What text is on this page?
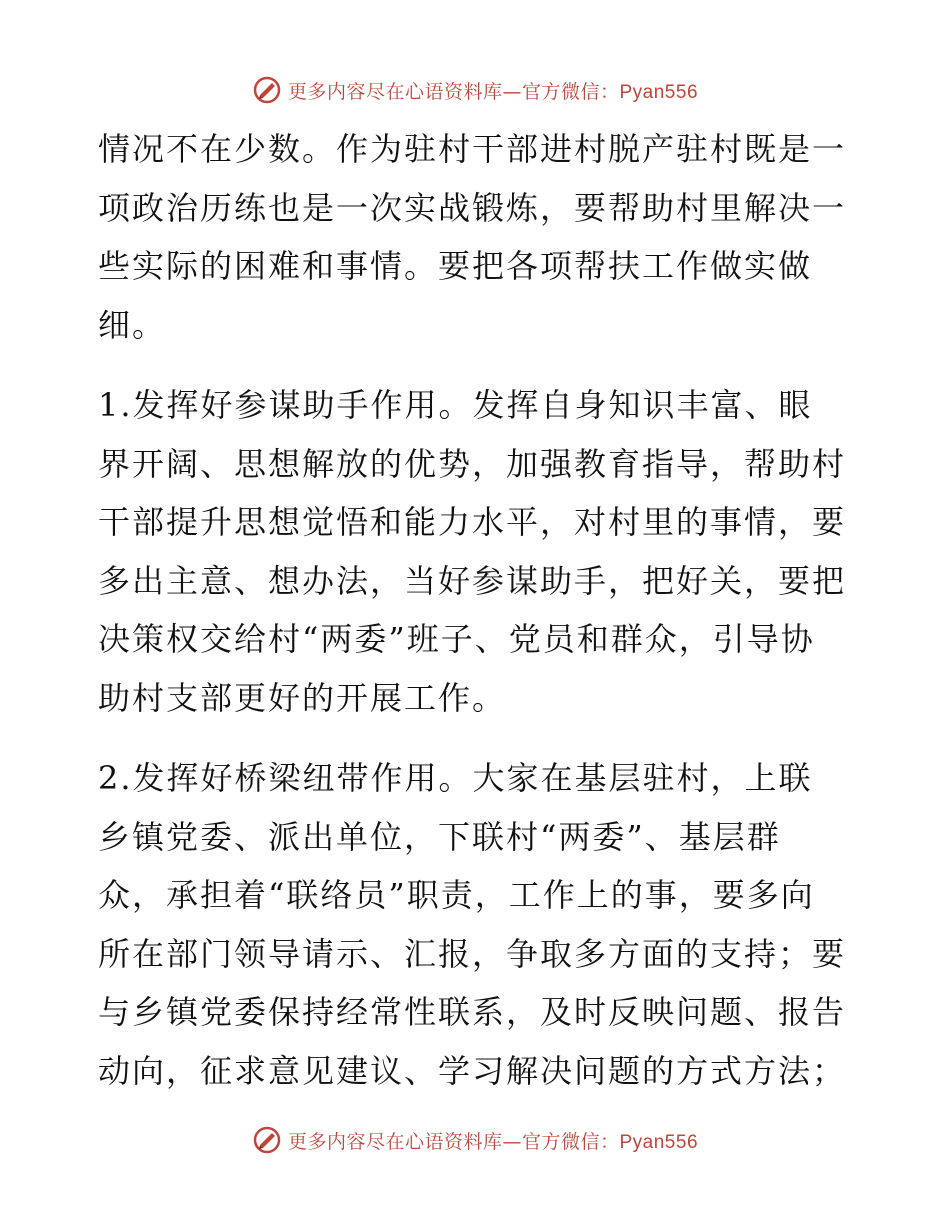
更多内容尽在心语资料库—官方微信：Pyan556

情况不在少数。作为驻村干部进村脱产驻村既是一
项政治历练也是一次实战锻炼，要帮助村里解决一
些实际的困难和事情。要把各项帮扶工作做实做
细。

1.发挥好参谋助手作用。发挥自身知识丰富、眼
界开阔、思想解放的优势，加强教育指导，帮助村
干部提升思想觉悟和能力水平，对村里的事情，要
多出主意、想办法，当好参谋助手，把好关，要把
决策权交给村“两委”班子、党员和群众，引导协
助村支部更好的开展工作。

2.发挥好桥梁纽带作用。大家在基层驻村，上联
乡镇党委、派出单位，下联村“两委”、基层群
众，承担着“联络员”职责，工作上的事，要多向
所在部门领导请示、汇报，争取多方面的支持；要
与乡镇党委保持经常性联系，及时反映问题、报告
动向，征求意见建议、学习解决问题的方式方法；

更多内容尽在心语资料库—官方微信：Pyan556
